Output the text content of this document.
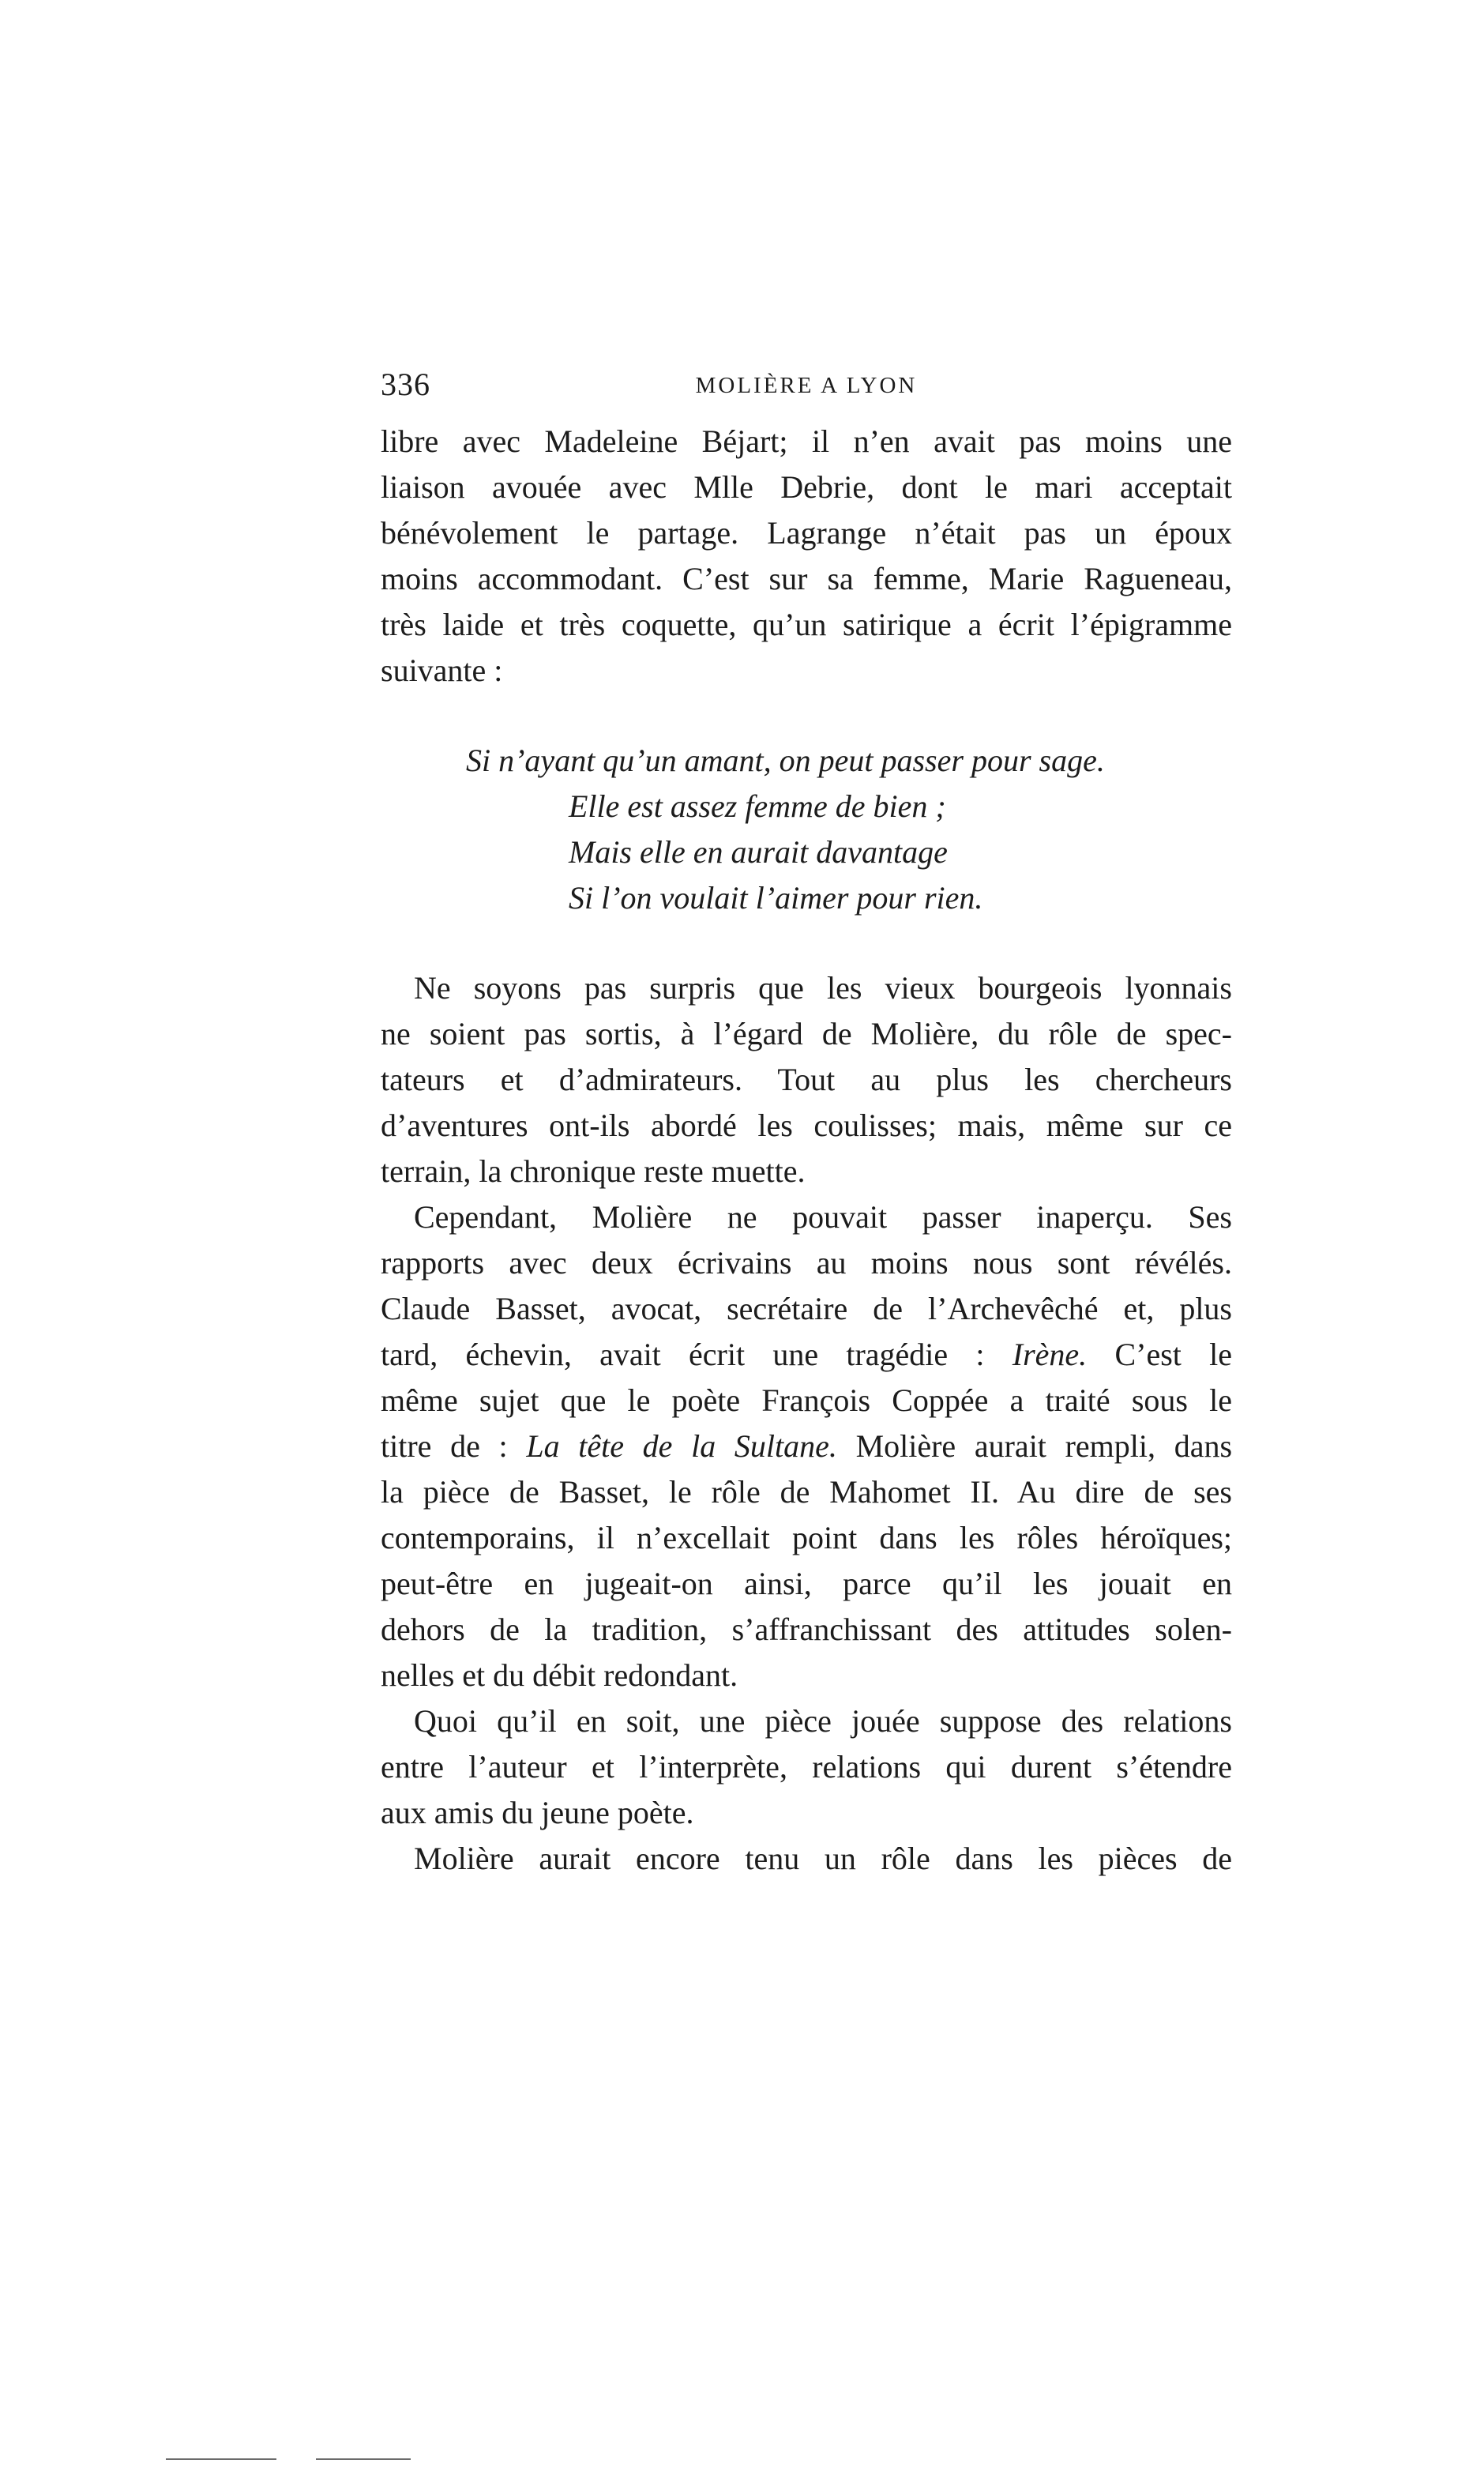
336	MOLIÈRE A LYON
libre avec Madeleine Béjart; il n’en avait pas moins une
liaison avouée avec Mlle Debrie, dont le mari acceptait
bénévolement le partage. Lagrange n’était pas un époux
moins accommodant. C’est sur sa femme, Marie Ragueneau,
très laide et très coquette, qu’un satirique a écrit l’épigramme
suivante :
Si n’ayant qu’un amant, on peut passer pour sage.
Elle est assez femme de bien ;
Mais elle en aurait davantage
Si l’on voulait l’aimer pour rien.
Ne soyons pas surpris que les vieux bourgeois lyonnais
ne soient pas sortis, à l’égard de Molière, du rôle de spec-
tateurs et d’admirateurs. Tout au plus les chercheurs
d’aventures ont-ils abordé les coulisses; mais, même sur ce
terrain, la chronique reste muette.
Cependant, Molière ne pouvait passer inaperçu. Ses
rapports avec deux écrivains au moins nous sont révélés.
Claude Basset, avocat, secrétaire de l’Archevêché et, plus
tard, échevin, avait écrit une tragédie : Irène. C’est le
même sujet que le poète François Coppée a traité sous le
titre de : La tête de la Sultane. Molière aurait rempli, dans
la pièce de Basset, le rôle de Mahomet II. Au dire de ses
contemporains, il n’excellait point dans les rôles héroïques;
peut-être en jugeait-on ainsi, parce qu’il les jouait en
dehors de la tradition, s’affranchissant des attitudes solen-
nelles et du débit redondant.
Quoi qu’il en soit, une pièce jouée suppose des relations
entre l’auteur et l’interprète, relations qui durent s’étendre
aux amis du jeune poète.
Molière aurait encore tenu un rôle dans les pièces de
